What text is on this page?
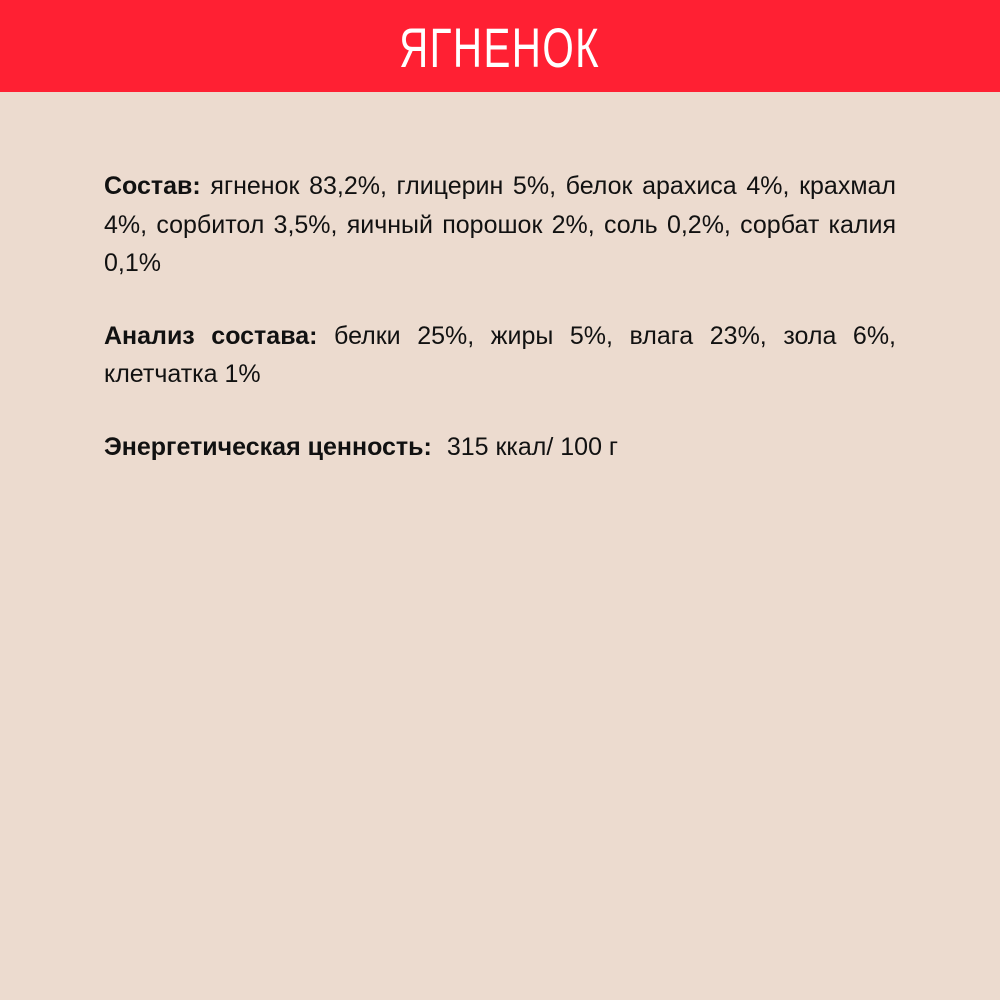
ЯГНЕНОК

Состав: ягненок 83,2%, глицерин 5%, белок арахиса 4%, крахмал 4%, сорбитол 3,5%, яичный порошок 2%, соль 0,2%, сорбат калия 0,1%

Анализ состава: белки 25%, жиры 5%, влага 23%, зола 6%, клетчатка 1%

Энергетическая ценность: 315 ккал/ 100 г
